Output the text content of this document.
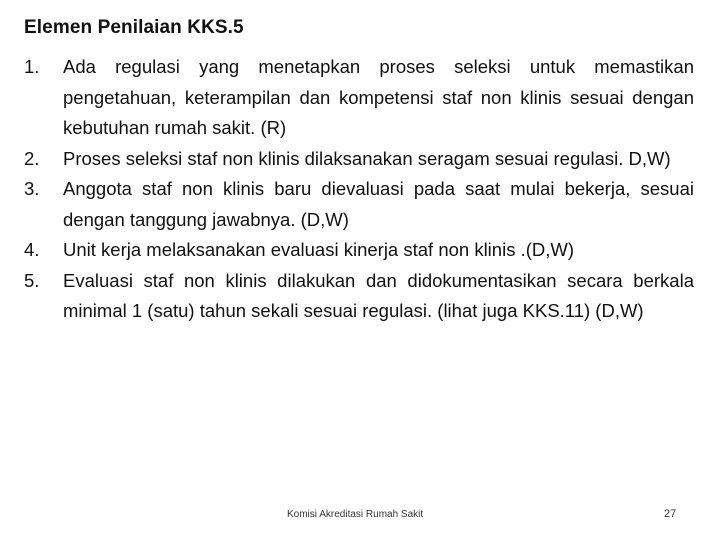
Elemen Penilaian KKS.5
1.	Ada regulasi yang menetapkan proses seleksi untuk memastikan pengetahuan, keterampilan dan kompetensi staf non klinis sesuai dengan kebutuhan rumah sakit. (R)
2.	Proses seleksi staf non klinis dilaksanakan seragam sesuai regulasi. D,W)
3.	Anggota staf non klinis baru dievaluasi pada saat mulai bekerja, sesuai dengan tanggung jawabnya. (D,W)
4.	Unit kerja melaksanakan evaluasi kinerja staf non klinis .(D,W)
5.	Evaluasi staf non klinis dilakukan dan didokumentasikan secara berkala minimal 1 (satu) tahun sekali sesuai regulasi. (lihat juga KKS.11) (D,W)
Komisi Akreditasi Rumah Sakit	27
